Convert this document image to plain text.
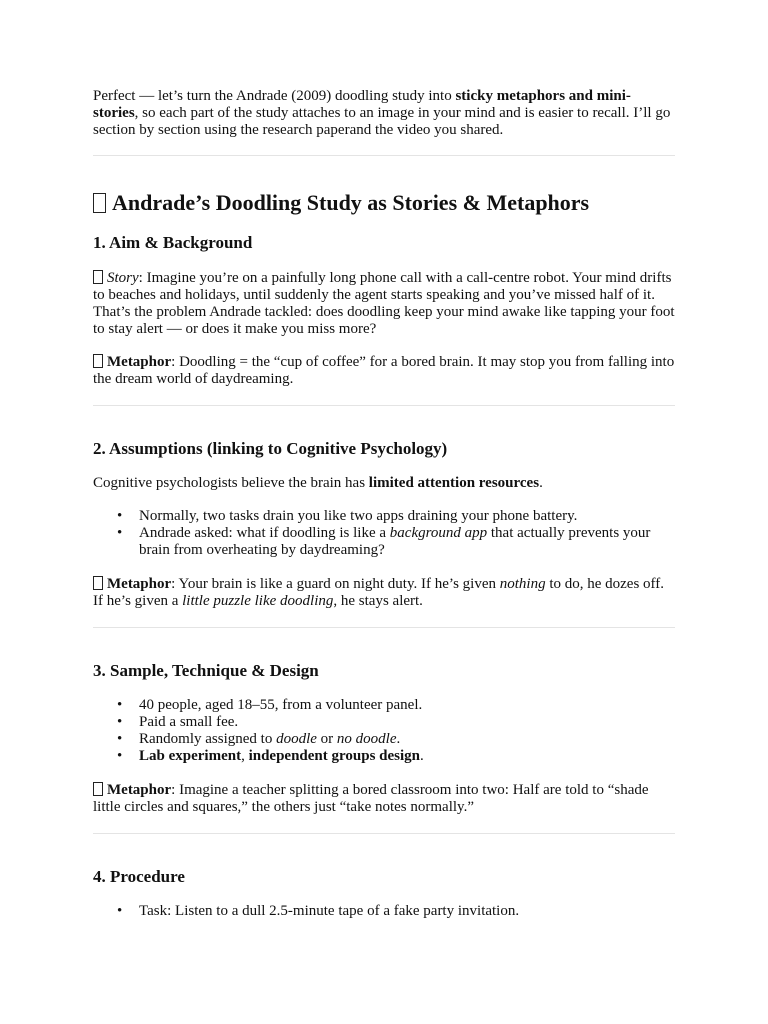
Perfect — let’s turn the Andrade (2009) doodling study into sticky metaphors and mini-stories, so each part of the study attaches to an image in your mind and is easier to recall. I’ll go section by section using the research paperand the video you shared.

Andrade’s Doodling Study as Stories & Metaphors
1. Aim & Background

Story: Imagine you’re on a painfully long phone call with a call-centre robot. Your mind drifts to beaches and holidays, until suddenly the agent starts speaking and you’ve missed half of it. That’s the problem Andrade tackled: does doodling keep your mind awake like tapping your foot to stay alert — or does it make you miss more?

Metaphor: Doodling = the “cup of coffee” for a bored brain. It may stop you from falling into the dream world of daydreaming.

2. Assumptions (linking to Cognitive Psychology)

Cognitive psychologists believe the brain has limited attention resources.

• Normally, two tasks drain you like two apps draining your phone battery.
• Andrade asked: what if doodling is like a background app that actually prevents your brain from overheating by daydreaming?

Metaphor: Your brain is like a guard on night duty. If he’s given nothing to do, he dozes off. If he’s given a little puzzle like doodling, he stays alert.

3. Sample, Technique & Design
• 40 people, aged 18–55, from a volunteer panel.
• Paid a small fee.
• Randomly assigned to doodle or no doodle.
• Lab experiment, independent groups design.

Metaphor: Imagine a teacher splitting a bored classroom into two: Half are told to “shade little circles and squares,” the others just “take notes normally.”

4. Procedure
• Task: Listen to a dull 2.5-minute tape of a fake party invitation.
